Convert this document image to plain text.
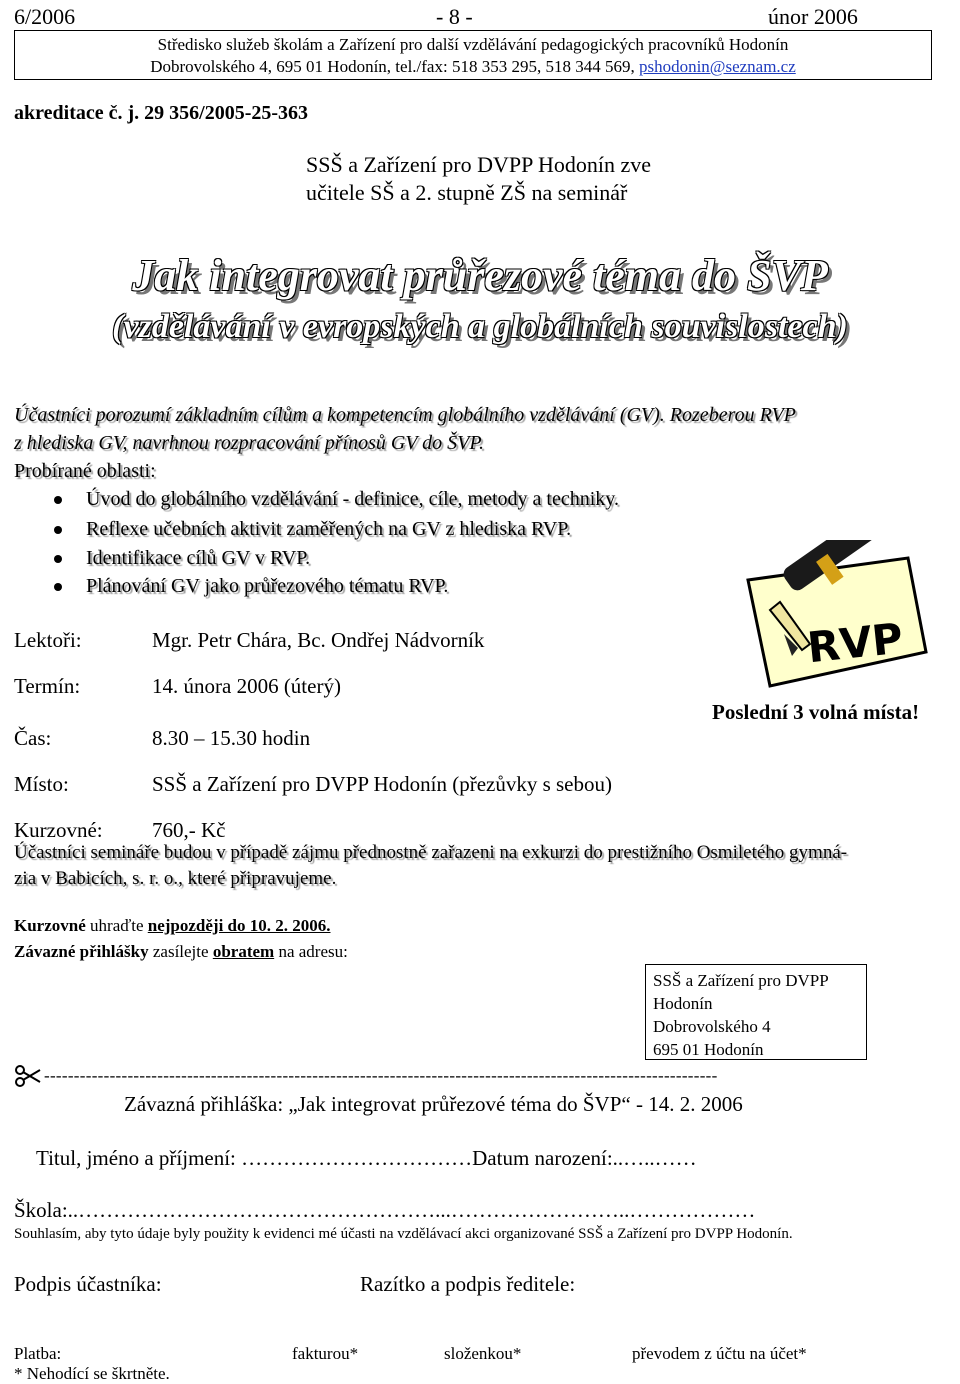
6/2006	- 8 -	únor 2006
Středisko služeb školám a Zařízení pro další vzdělávání pedagogických pracovníků Hodonín
Dobrovolského 4, 695 01 Hodonín, tel./fax: 518 353 295, 518 344 569, pshodonin@seznam.cz
akreditace č. j. 29 356/2005-25-363
SSŠ a Zařízení pro DVPP Hodonín zve
učitele SŠ a 2. stupně ZŠ na seminář
Jak integrovat průřezové téma do ŠVP
(vzdělávání v evropských a globálních souvislostech)
Účastníci porozumí základním cílům a kompetencím globálního vzdělávání (GV). Rozeberou RVP
z hlediska GV, navrhnou rozpracování přínosů GV do ŠVP.
Probírané oblasti:
Úvod do globálního vzdělávání - definice, cíle, metody a techniky.
Reflexe učebních aktivit zaměřených na GV z hlediska RVP.
Identifikace cílů GV v RVP.
Plánování GV jako průřezového tématu RVP.
Lektoři:	Mgr. Petr Chára, Bc. Ondřej Nádvorník
Termín:	14. února 2006 (úterý)
Čas:	8.30 – 15.30 hodin
Místo:	SSŠ a Zařízení pro DVPP Hodonín (přezůvky s sebou)
RVP
Poslední 3 volná místa!
Kurzovné: 760,- Kč
Účastníci semináře budou v případě zájmu přednostně zařazeni na exkurzi do prestižního Osmiletého gymná-
zia v Babicích, s. r. o., které připravujeme.
Kurzovné uhraďte nejpozději do 10. 2. 2006.
Závazné přihlášky zasílejte obratem na adresu:
SSŠ a Zařízení pro DVPP
Hodonín
Dobrovolského 4
695 01 Hodonín
-----------------------------------------------------------------------------------------------------------------
Závazná přihláška: „Jak integrovat průřezové téma do ŠVP“ - 14. 2. 2006
Titul, jméno a příjmení: ……………………………Datum narození:..…..……
Škola:..……………………………………………...……………………..………………
Souhlasím, aby tyto údaje byly použity k evidenci mé účasti na vzdělávací akci organizované SSŠ a Zařízení pro DVPP Hodonín.
Podpis účastníka:	Razítko a podpis ředitele:
Platba:	fakturou*	složenkou*	převodem z účtu na účet*
* Nehodící se škrtněte.
